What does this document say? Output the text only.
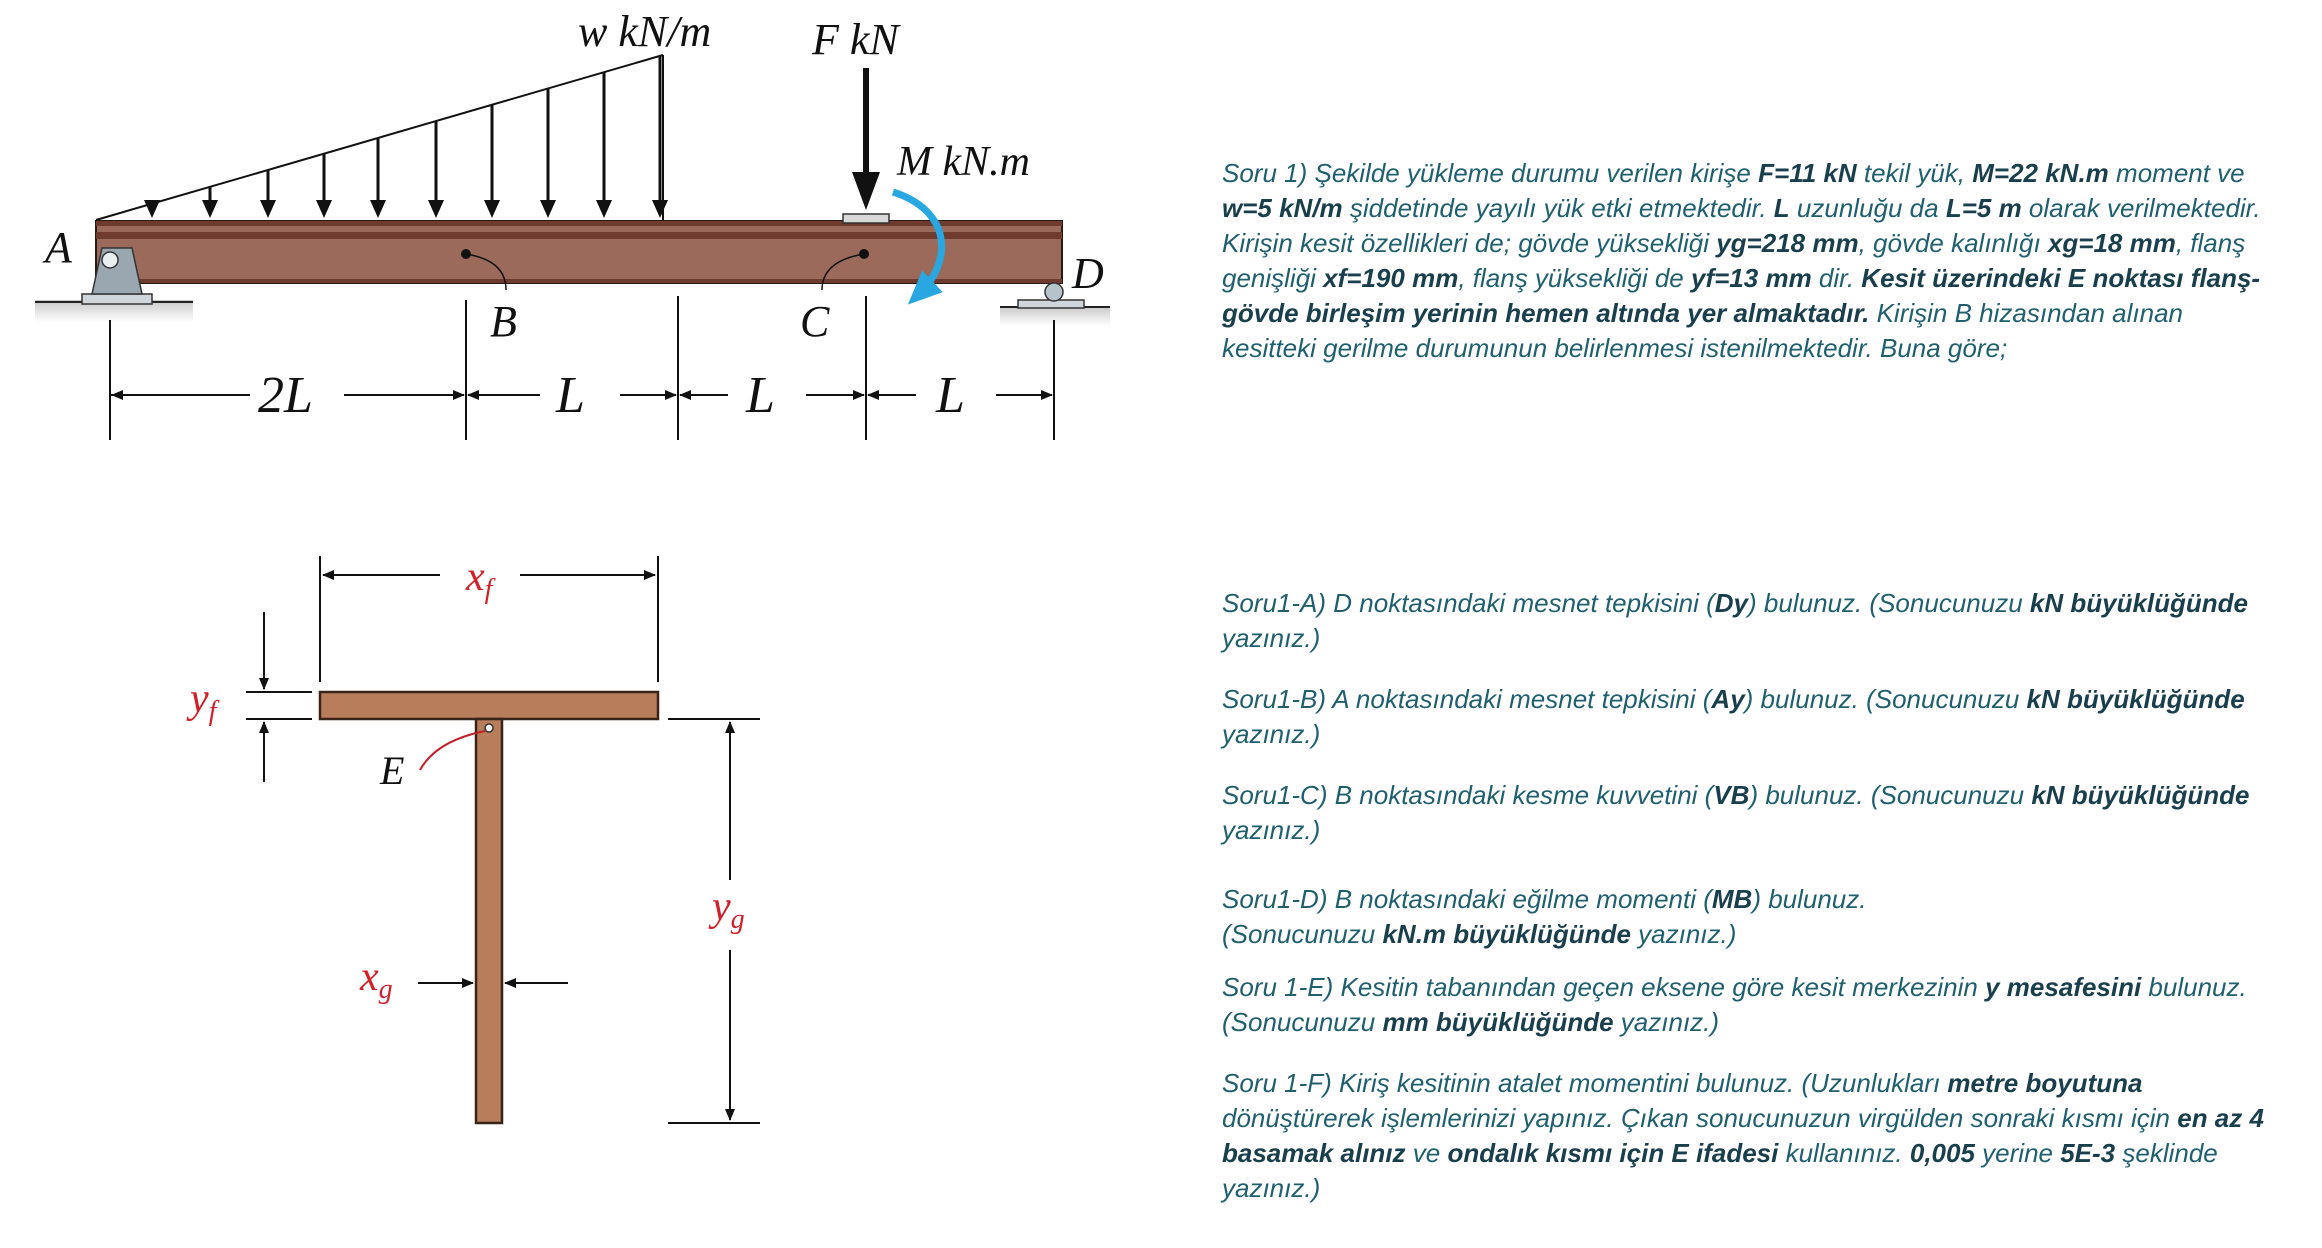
w kN/m F kN
M kN.m
A
D
B	C
2L	L	L	L
xf
yf
E
yg
xg
Soru 1) Şekilde yükleme durumu verilen kirişe F=11 kN tekil yük, M=22 kN.m moment ve w=5 kN/m şiddetinde yayılı yük etki etmektedir. L uzunluğu da L=5 m olarak verilmektedir. Kirişin kesit özellikleri de; gövde yüksekliği yg=218 mm, gövde kalınlığı xg=18 mm, flanş genişliği xf=190 mm, flanş yüksekliği de yf=13 mm dir. Kesit üzerindeki E noktası flanş-gövde birleşim yerinin hemen altında yer almaktadır. Kirişin B hizasından alınan kesitteki gerilme durumunun belirlenmesi istenilmektedir. Buna göre;
Soru1-A) D noktasındaki mesnet tepkisini (Dy) bulunuz. (Sonucunuzu kN büyüklüğünde yazınız.)
Soru1-B) A noktasındaki mesnet tepkisini (Ay) bulunuz. (Sonucunuzu kN büyüklüğünde yazınız.)
Soru1-C) B noktasındaki kesme kuvvetini (VB) bulunuz. (Sonucunuzu kN büyüklüğünde yazınız.)

Soru1-D) B noktasındaki eğilme momenti (MB) bulunuz.

(Sonucunuzu kN.m büyüklüğünde yazınız.)

Soru 1-E) Kesitin tabanından geçen eksene göre kesit merkezinin y mesafesini bulunuz.

(Sonucunuzu mm büyüklüğünde yazınız.)

Soru 1-F) Kiriş kesitinin atalet momentini bulunuz. (Uzunlukları metre boyutuna dönüştürerek işlemlerinizi yapınız. Çıkan sonucunuzun virgülden sonraki kısmı için en az 4 basamak alınız ve ondalık kısmı için E ifadesi kullanınız. 0,005 yerine 5E-3 şeklinde yazınız.)
